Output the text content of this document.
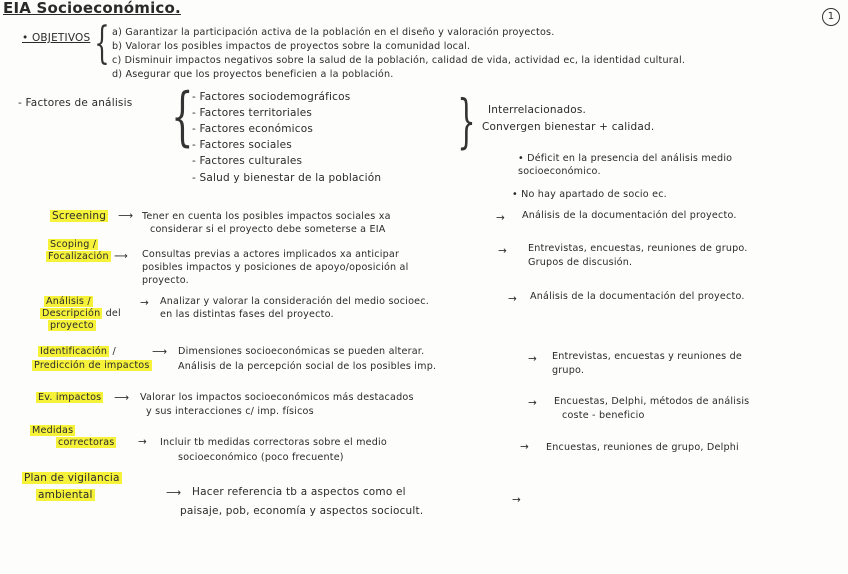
EIA Socioeconómico.	1
• OBJETIVOS { a) Garantizar la participación activa de la población en el diseño y valoración proyectos.
b) Valorar los posibles impactos de proyectos sobre la comunidad local.
c) Disminuir impactos negativos sobre la salud de la población, calidad de vida, actividad ec, la identidad cultural.
d) Asegurar que los proyectos beneficien a la población.
- Factores de análisis {
- Factores sociodemográficos
- Factores territoriales
- Factores económicos
- Factores sociales
- Factores culturales
- Salud y bienestar de la población
} Interrelacionados.
Convergen bienestar + calidad.
• Déficit en la presencia del análisis medio socioeconómico.
• No hay apartado de socio ec.
Screening ⟶ Tener en cuenta los posibles impactos sociales xa
considerar si el proyecto debe someterse a EIA
→ Análisis de la documentación del proyecto.
Scoping /
Focalización ⟶ Consultas previas a actores implicados xa anticipar
posibles impactos y posiciones de apoyo/oposición al
proyecto.
→ Entrevistas, encuestas, reuniones de grupo.
Grupos de discusión.
Análisis /
Descripción del
proyecto
→ Analizar y valorar la consideración del medio socioec.
en las distintas fases del proyecto.
→ Análisis de la documentación del proyecto.
Identificación /
Predicción de impactos
⟶ Dimensiones socioeconómicas se pueden alterar.
Análisis de la percepción social de los posibles imp.
→ Entrevistas, encuestas y reuniones de
grupo.
Ev. impactos ⟶ Valorar los impactos socioeconómicos más destacados
y sus interacciones c/ imp. físicos
→ Encuestas, Delphi, métodos de análisis
coste - beneficio
Medidas
correctoras → Incluir tb medidas correctoras sobre el medio
socioeconómico (poco frecuente)
→ Encuestas, reuniones de grupo, Delphi
Plan de vigilancia
ambiental	⟶ Hacer referencia tb a aspectos como el
paisaje, pob, economía y aspectos sociocult.
→
